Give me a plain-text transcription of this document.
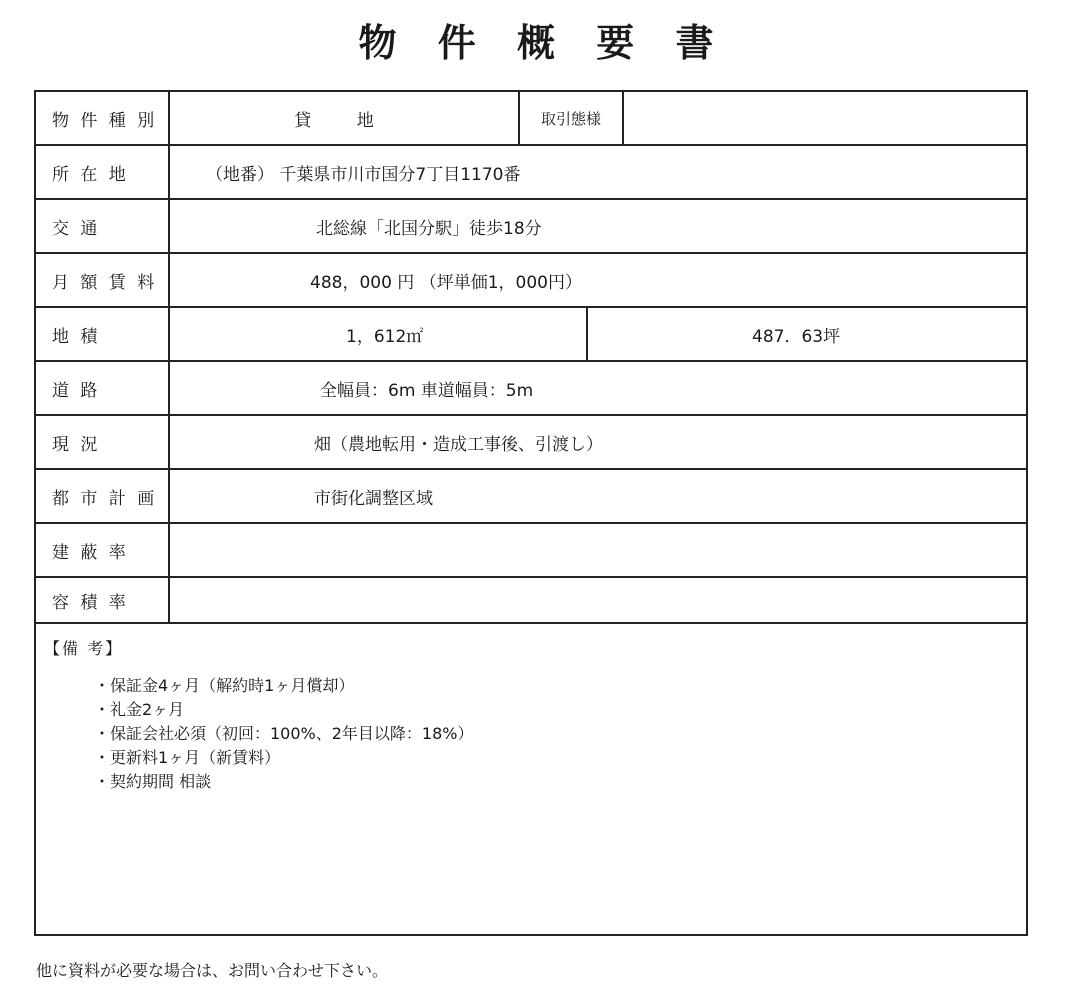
物 件 概 要 書
物 件 種 別	貸 地	取引態様
所 在 地	（地番） 千葉県市川市国分7丁目1170番
交 通	北総線「北国分駅」徒歩18分
月 額 賃 料	488，000 円 （坪単価1，000円）
地 積	1，612㎡	487．63坪
道 路	全幅員：6m 車道幅員：5m
現 況	畑（農地転用・造成工事後、引渡し）
都 市 計 画	市街化調整区域
建 蔽 率
容 積 率
【備 考】
・保証金4ヶ月（解約時1ヶ月償却）
・礼金2ヶ月
・保証会社必須（初回：100%、2年目以降：18%）
・更新料1ヶ月（新賃料）
・契約期間 相談
他に資料が必要な場合は、お問い合わせ下さい。
